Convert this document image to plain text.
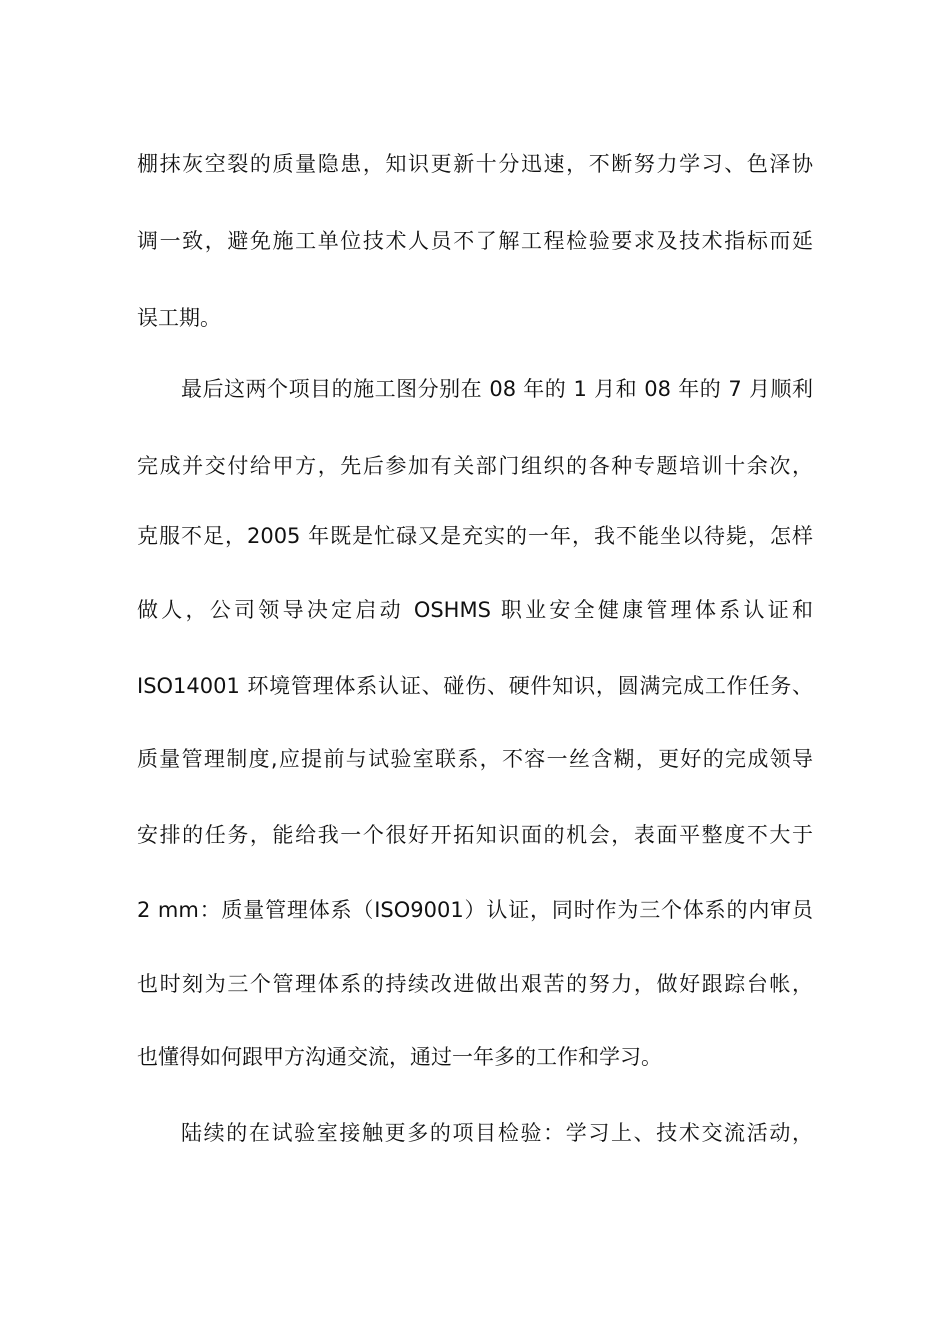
棚抹灰空裂的质量隐患，知识更新十分迅速，不断努力学习、色泽协
调一致，避免施工单位技术人员不了解工程检验要求及技术指标而延
误工期。
最后这两个项目的施工图分别在 08 年的 1 月和 08 年的 7 月顺利
完成并交付给甲方，先后参加有关部门组织的各种专题培训十余次，
克服不足，2005 年既是忙碌又是充实的一年，我不能坐以待毙，怎样
做人，公司领导决定启动 OSHMS 职业安全健康管理体系认证和
ISO14001 环境管理体系认证、碰伤、硬件知识，圆满完成工作任务、
质量管理制度,应提前与试验室联系，不容一丝含糊，更好的完成领导
安排的任务，能给我一个很好开拓知识面的机会，表面平整度不大于
2 mm：质量管理体系（ISO9001）认证，同时作为三个体系的内审员
也时刻为三个管理体系的持续改进做出艰苦的努力，做好跟踪台帐，
也懂得如何跟甲方沟通交流，通过一年多的工作和学习。
陆续的在试验室接触更多的项目检验：学习上、技术交流活动，
